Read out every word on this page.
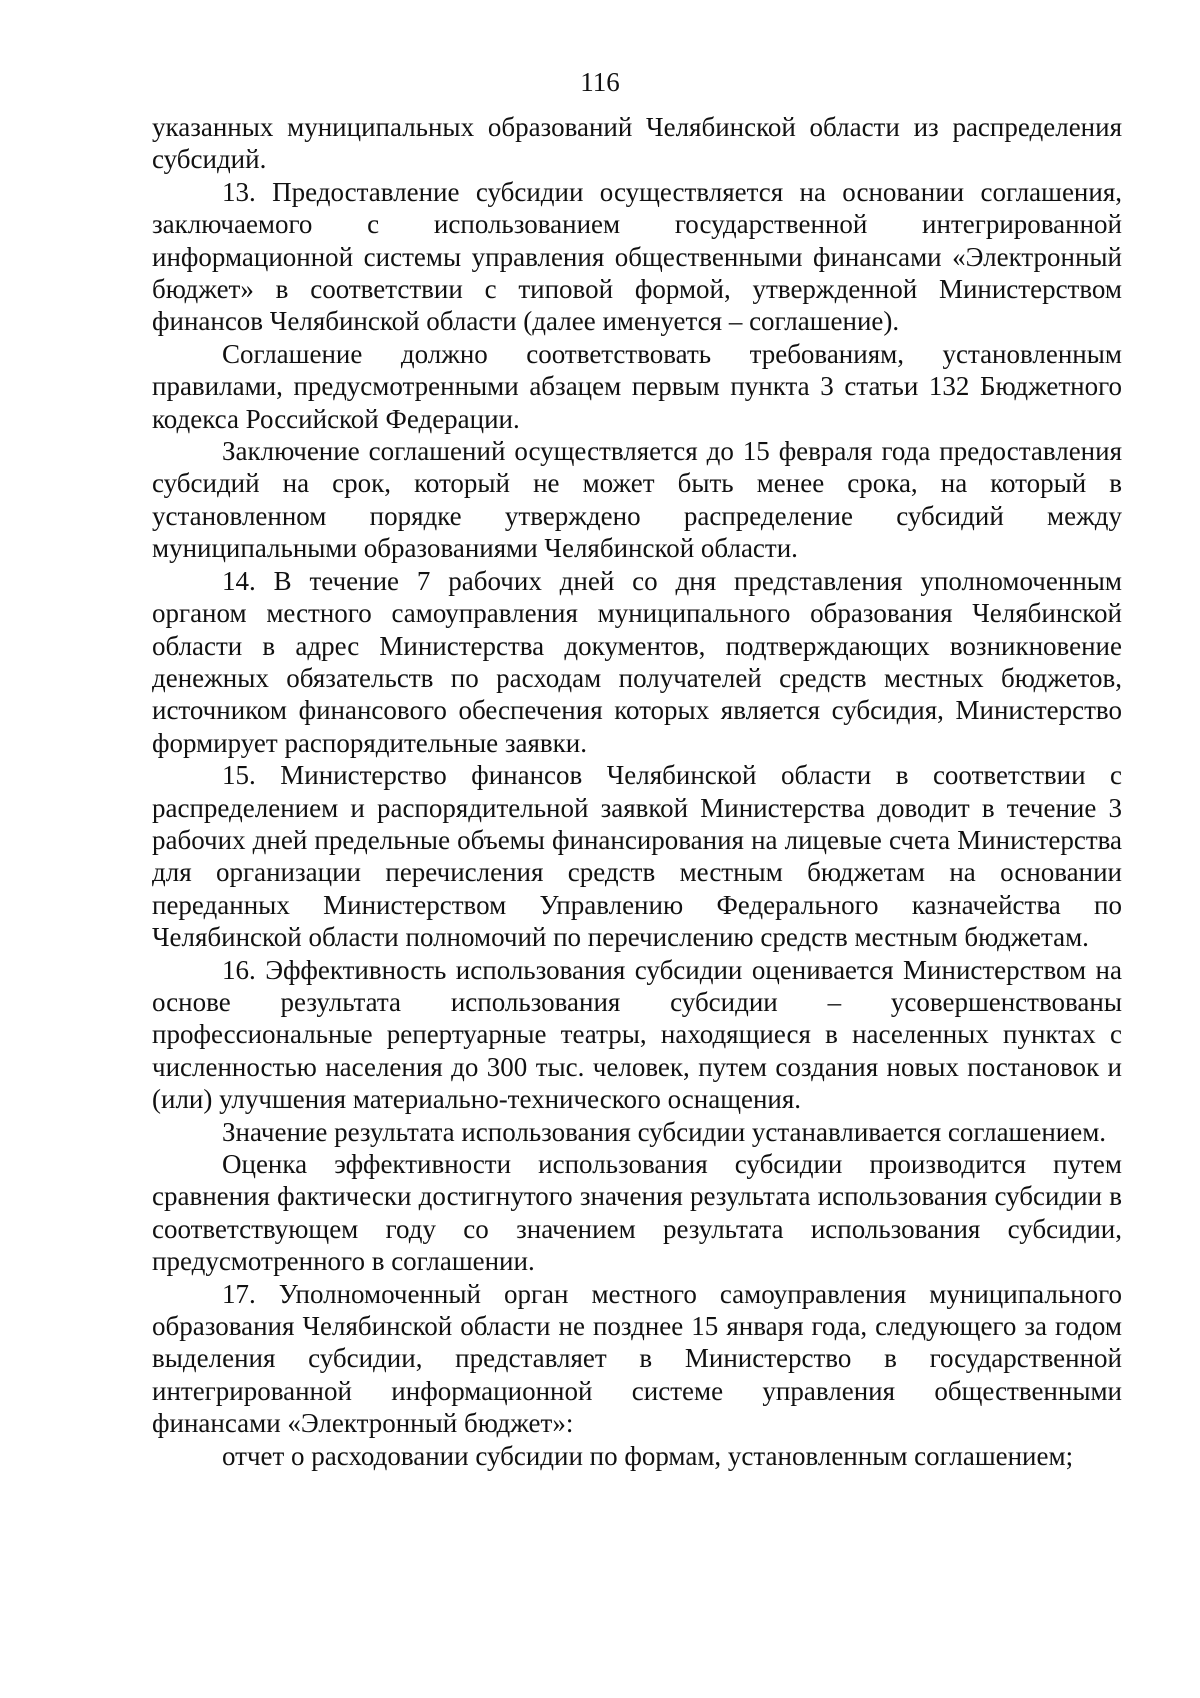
116

указанных муниципальных образований Челябинской области из распределения субсидий.

13. Предоставление субсидии осуществляется на основании соглашения, заключаемого с использованием государственной интегрированной информационной системы управления общественными финансами «Электронный бюджет» в соответствии с типовой формой, утвержденной Министерством финансов Челябинской области (далее именуется – соглашение).

Соглашение должно соответствовать требованиям, установленным правилами, предусмотренными абзацем первым пункта 3 статьи 132 Бюджетного кодекса Российской Федерации.

Заключение соглашений осуществляется до 15 февраля года предоставления субсидий на срок, который не может быть менее срока, на который в установленном порядке утверждено распределение субсидий между муниципальными образованиями Челябинской области.

14. В течение 7 рабочих дней со дня представления уполномоченным органом местного самоуправления муниципального образования Челябинской области в адрес Министерства документов, подтверждающих возникновение денежных обязательств по расходам получателей средств местных бюджетов, источником финансового обеспечения которых является субсидия, Министерство формирует распорядительные заявки.

15. Министерство финансов Челябинской области в соответствии с распределением и распорядительной заявкой Министерства доводит в течение 3 рабочих дней предельные объемы финансирования на лицевые счета Министерства для организации перечисления средств местным бюджетам на основании переданных Министерством Управлению Федерального казначейства по Челябинской области полномочий по перечислению средств местным бюджетам.

16. Эффективность использования субсидии оценивается Министерством на основе результата использования субсидии – усовершенствованы профессиональные репертуарные театры, находящиеся в населенных пунктах с численностью населения до 300 тыс. человек, путем создания новых постановок и (или) улучшения материально-технического оснащения.

Значение результата использования субсидии устанавливается соглашением.

Оценка эффективности использования субсидии производится путем сравнения фактически достигнутого значения результата использования субсидии в соответствующем году со значением результата использования субсидии, предусмотренного в соглашении.

17. Уполномоченный орган местного самоуправления муниципального образования Челябинской области не позднее 15 января года, следующего за годом выделения субсидии, представляет в Министерство в государственной интегрированной информационной системе управления общественными финансами «Электронный бюджет»:

отчет о расходовании субсидии по формам, установленным соглашением;
